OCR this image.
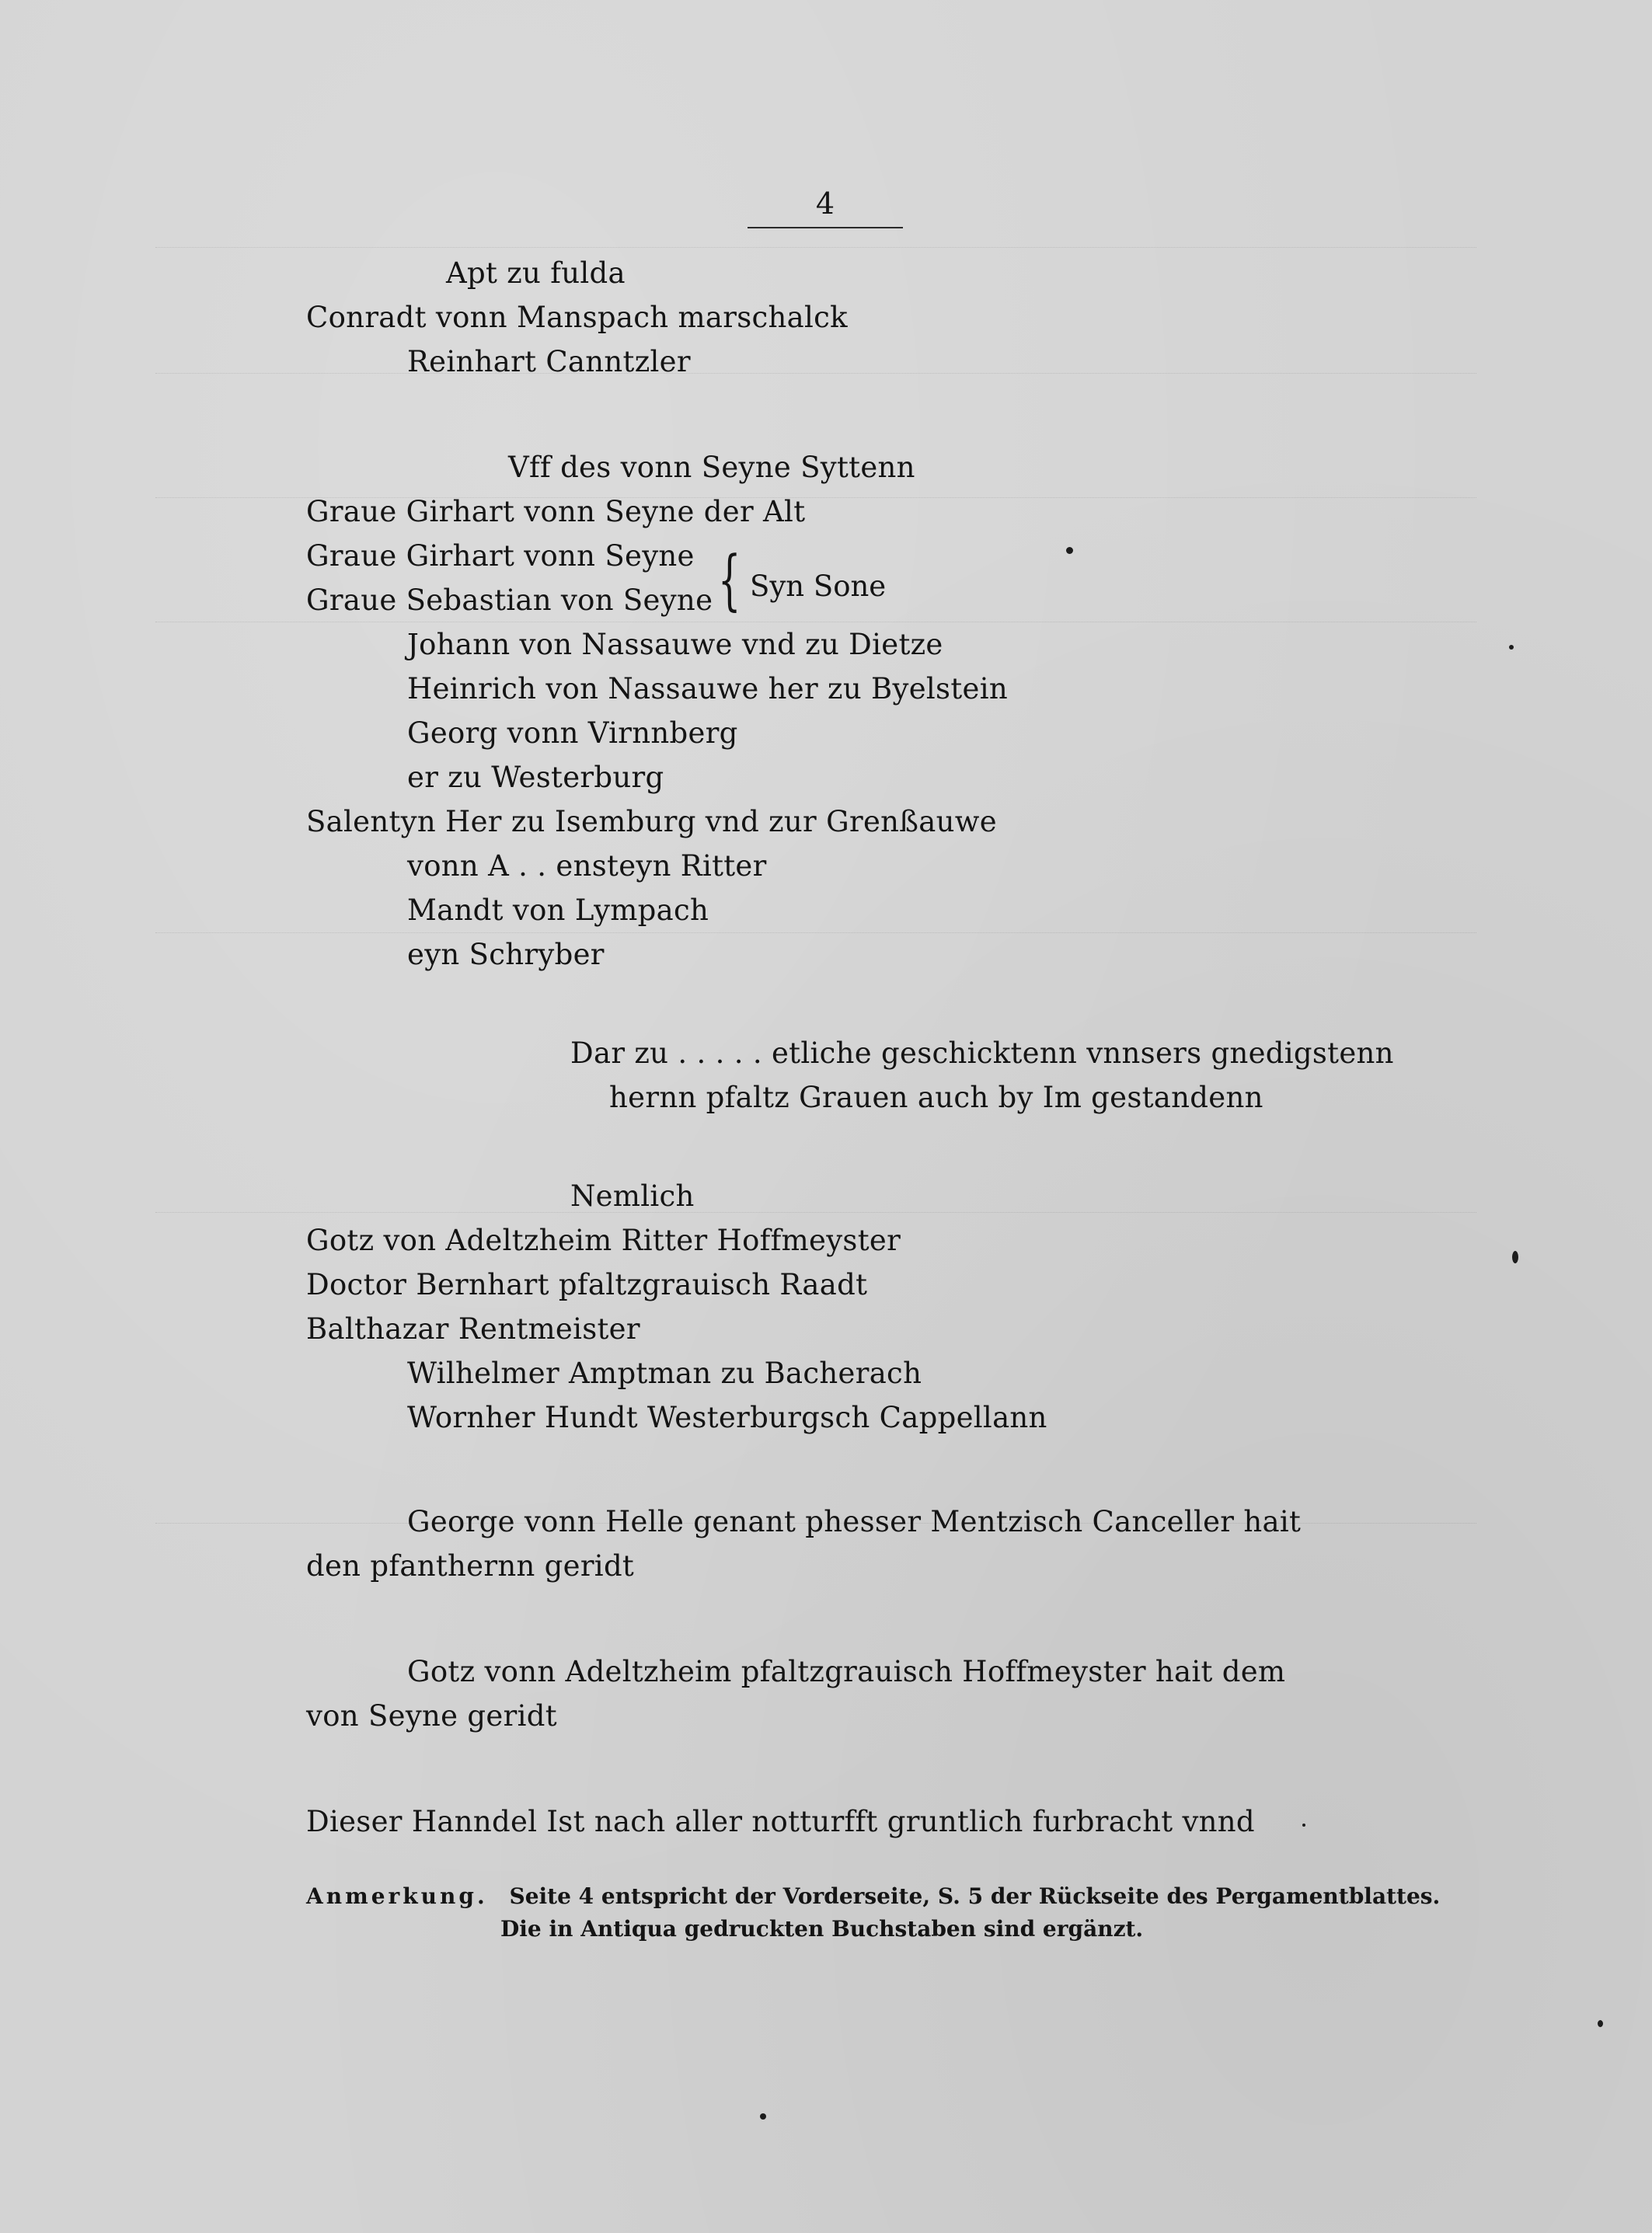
4
Apt zu fulda
Conradt vonn Manspach marschalck
Reinhart Canntzler
Vff des vonn Seyne Syttenn
Graue Girhart vonn Seyne der Alt
Graue Girhart vonn Seyne
Graue Sebastian von Seyne { Syn Sone
Johann von Nassauwe vnd zu Dietze
Heinrich von Nassauwe her zu Byelstein
Georg vonn Virnnberg
er zu Westerburg
Salentyn Her zu Isemburg vnd zur Grenßauwe
vonn A . . ensteyn Ritter
Mandt von Lympach
eyn Schryber
Dar zu . . . . . etliche geschicktenn vnnsers gnedigstenn
hernn pfaltz Grauen auch by Im gestandenn
Nemlich
Gotz von Adeltzheim Ritter Hoffmeyster
Doctor Bernhart pfaltzgrauisch Raadt
Balthazar Rentmeister
Wilhelmer Amptman zu Bacherach
Wornher Hundt Westerburgsch Cappellann
George vonn Helle genant phesser Mentzisch Canceller hait
den pfanthernn geridt
Gotz vonn Adeltzheim pfaltzgrauisch Hoffmeyster hait dem
von Seyne geridt
Dieser Hanndel Ist nach aller notturfft gruntlich furbracht vnnd
Anmerkung. Seite 4 entspricht der Vorderseite, S. 5 der Rückseite des Pergamentblattes.
Die in Antiqua gedruckten Buchstaben sind ergänzt.
